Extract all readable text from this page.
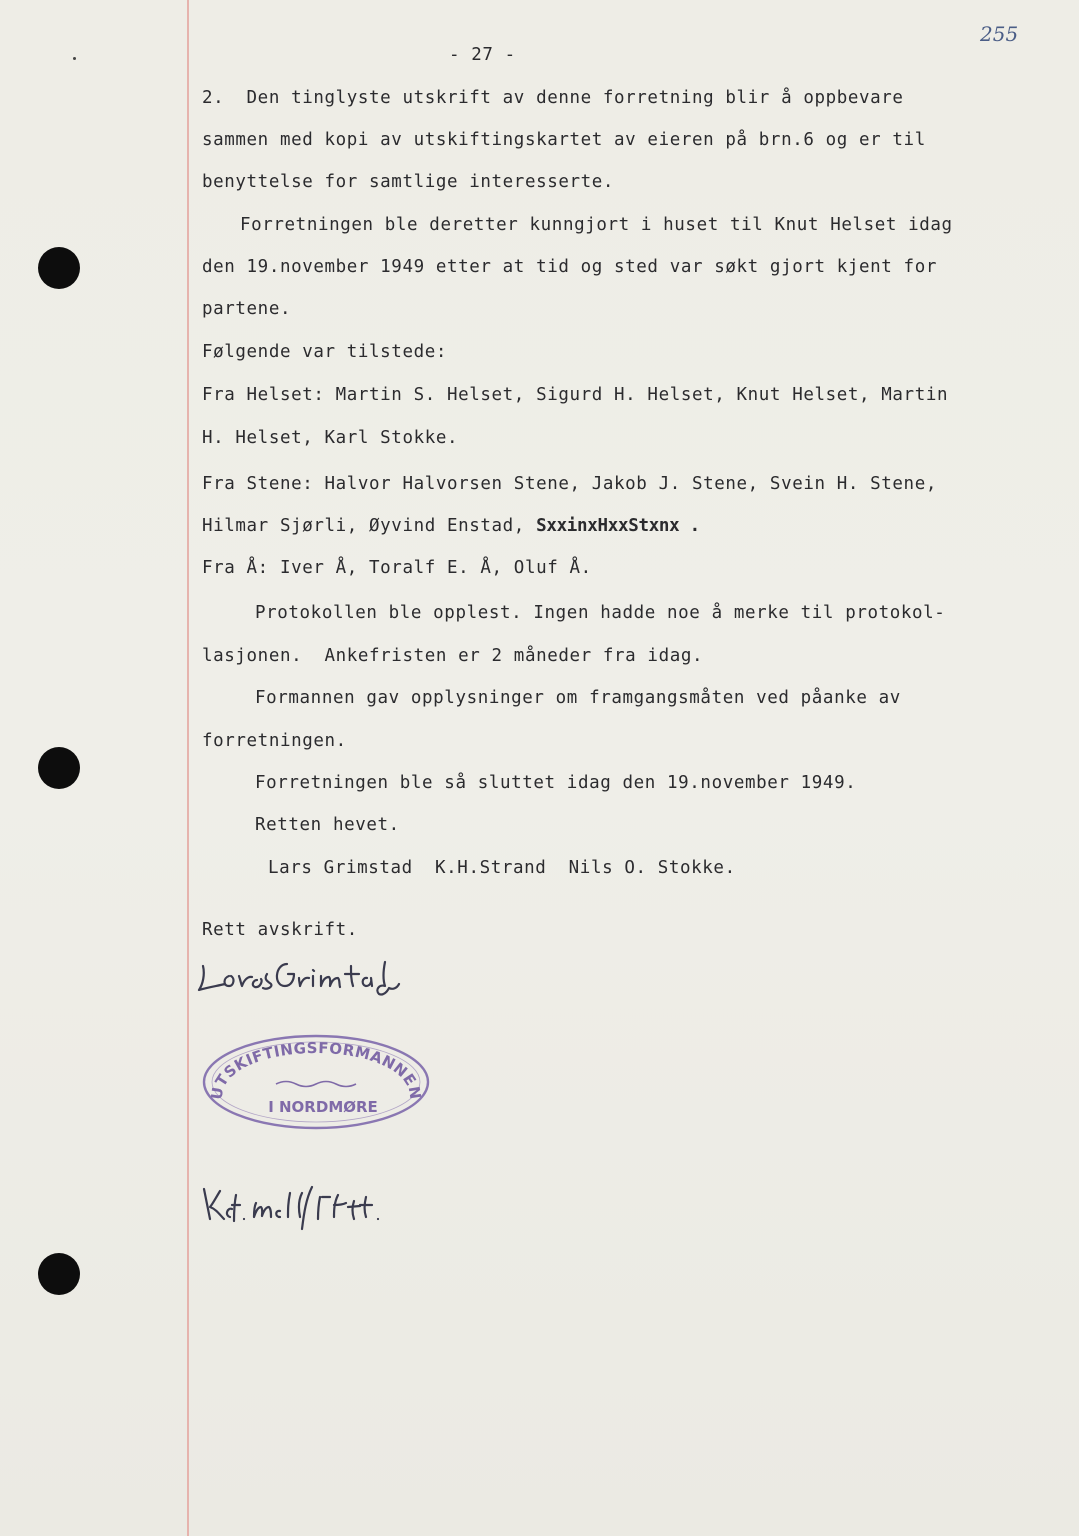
255
- 27 -
2.  Den tinglyste utskrift av denne forretning blir å oppbevare
sammen med kopi av utskiftingskartet av eieren på brn.6 og er til
benyttelse for samtlige interesserte.
Forretningen ble deretter kunngjort i huset til Knut Helset idag
den 19.november 1949 etter at tid og sted var søkt gjort kjent for
partene.
Følgende var tilstede:
Fra Helset: Martin S. Helset, Sigurd H. Helset, Knut Helset, Martin
H. Helset, Karl Stokke.
Fra Stene: Halvor Halvorsen Stene, Jakob J. Stene, Svein H. Stene,
Hilmar Sjørli, Øyvind Enstad, SxxinxHxxStxnx .
Fra Å: Iver Å, Toralf E. Å, Oluf Å.
Protokollen ble opplest. Ingen hadde noe å merke til protokol-
lasjonen.  Ankefristen er 2 måneder fra idag.
Formannen gav opplysninger om framgangsmåten ved påanke av
forretningen.
Forretningen ble så sluttet idag den 19.november 1949.
Retten hevet.
Lars Grimstad  K.H.Strand  Nils O. Stokke.
Rett avskrift.
UTSKIFTINGSFORMANNEN
I NORDMØRE
